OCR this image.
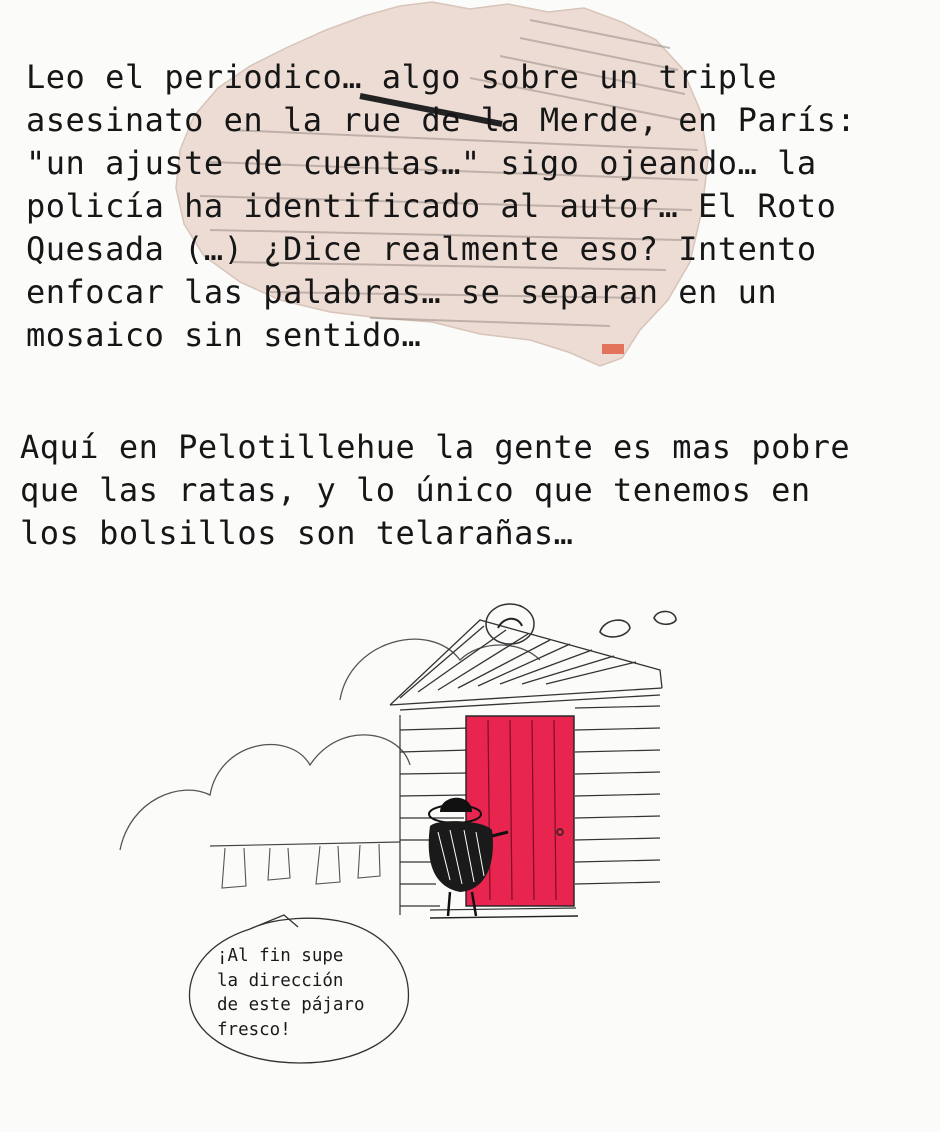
Leo el periodico… algo sobre un triple
asesinato en la rue de la Merde, en París:
"un ajuste de cuentas…" sigo ojeando… la
policía ha identificado al autor… El Roto
Quesada (…) ¿Dice realmente eso? Intento
enfocar las palabras… se separan en un
mosaico sin sentido…

Aquí en Pelotillehue la gente es mas pobre
que las ratas, y lo único que tenemos en
los bolsillos son telarañas…

¡Al fin supe
la dirección
de este pájaro
fresco!
